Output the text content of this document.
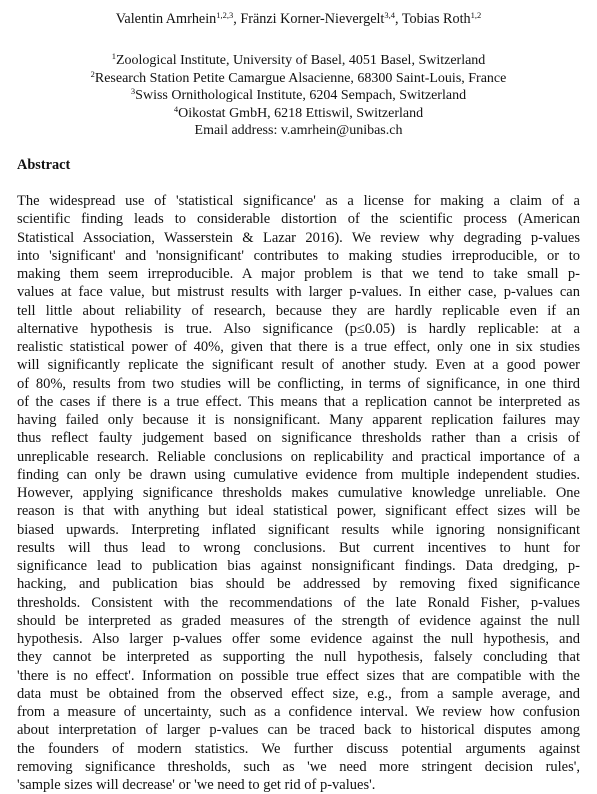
Valentin Amrhein$^{1,2,3}$, Fränzi Korner-Nievergelt$^{3,4}$, Tobias Roth$^{1,2}$
$^1$Zoological Institute, University of Basel, 4051 Basel, Switzerland
$^2$Research Station Petite Camargue Alsacienne, 68300 Saint-Louis, France
$^3$Swiss Ornithological Institute, 6204 Sempach, Switzerland
$^4$Oikostat GmbH, 6218 Ettiswil, Switzerland
Email address: v.amrhein@unibas.ch
Abstract
The widespread use of 'statistical significance' as a license for making a claim of a
scientific finding leads to considerable distortion of the scientific process (American
Statistical Association, Wasserstein & Lazar 2016). We review why degrading p-values
into 'significant' and 'nonsignificant' contributes to making studies irreproducible, or to
making them seem irreproducible. A major problem is that we tend to take small p-
values at face value, but mistrust results with larger p-values. In either case, p-values can
tell little about reliability of research, because they are hardly replicable even if an
alternative hypothesis is true. Also significance (p≤0.05) is hardly replicable: at a
realistic statistical power of 40%, given that there is a true effect, only one in six studies
will significantly replicate the significant result of another study. Even at a good power
of 80%, results from two studies will be conflicting, in terms of significance, in one third
of the cases if there is a true effect. This means that a replication cannot be interpreted as
having failed only because it is nonsignificant. Many apparent replication failures may
thus reflect faulty judgement based on significance thresholds rather than a crisis of
unreplicable research. Reliable conclusions on replicability and practical importance of a
finding can only be drawn using cumulative evidence from multiple independent studies.
However, applying significance thresholds makes cumulative knowledge unreliable. One
reason is that with anything but ideal statistical power, significant effect sizes will be
biased upwards. Interpreting inflated significant results while ignoring nonsignificant
results will thus lead to wrong conclusions. But current incentives to hunt for
significance lead to publication bias against nonsignificant findings. Data dredging, p-
hacking, and publication bias should be addressed by removing fixed significance
thresholds. Consistent with the recommendations of the late Ronald Fisher, p-values
should be interpreted as graded measures of the strength of evidence against the null
hypothesis. Also larger p-values offer some evidence against the null hypothesis, and
they cannot be interpreted as supporting the null hypothesis, falsely concluding that
'there is no effect'. Information on possible true effect sizes that are compatible with the
data must be obtained from the observed effect size, e.g., from a sample average, and
from a measure of uncertainty, such as a confidence interval. We review how confusion
about interpretation of larger p-values can be traced back to historical disputes among
the founders of modern statistics. We further discuss potential arguments against
removing significance thresholds, such as 'we need more stringent decision rules',
'sample sizes will decrease' or 'we need to get rid of p-values'.
